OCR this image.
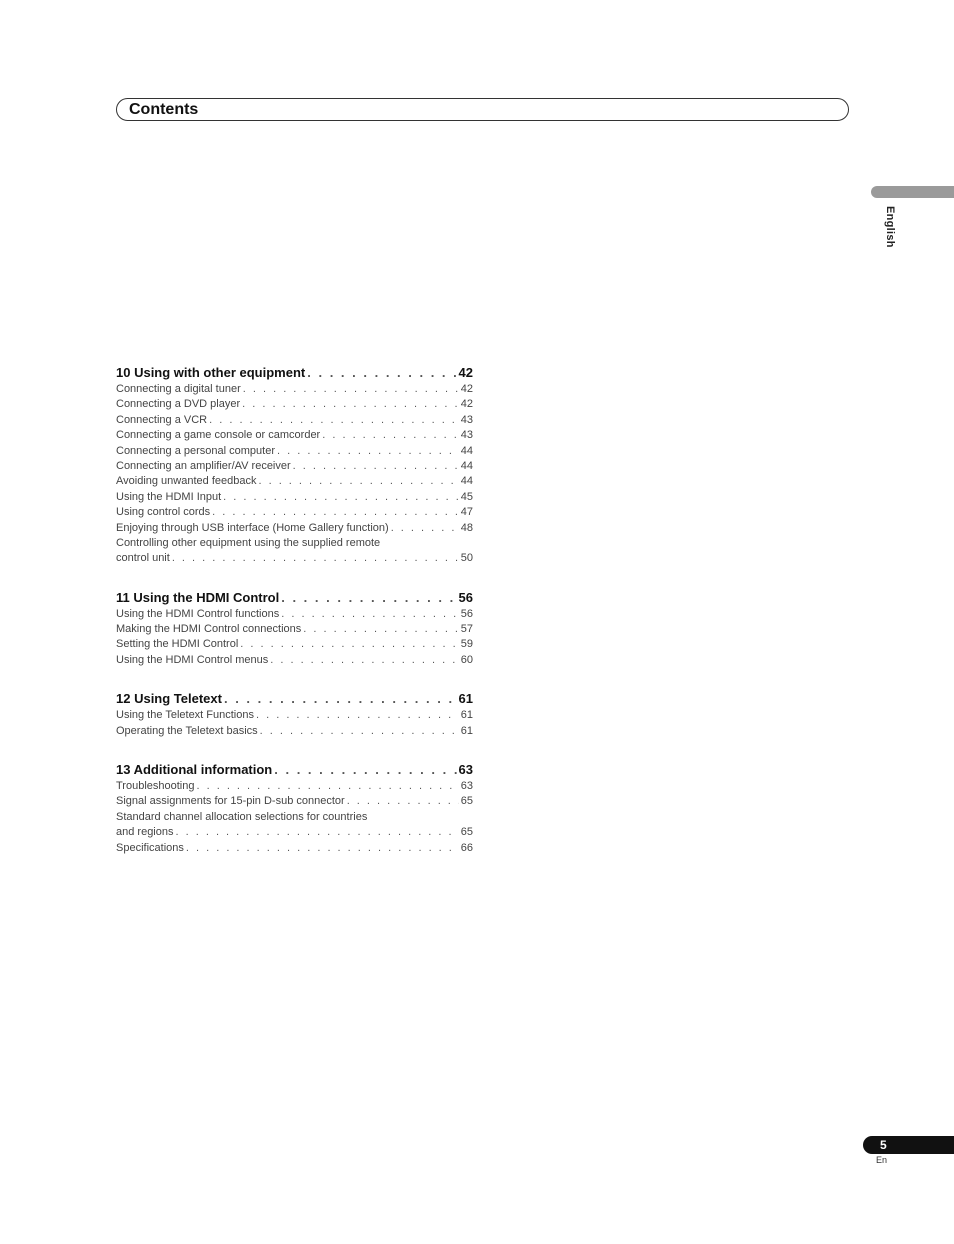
Contents
English
10 Using with other equipment . . .	42
Connecting a digital tuner . . .	42
Connecting a DVD player . . .	42
Connecting a VCR . . .	43
Connecting a game console or camcorder . . .	43
Connecting a personal computer . . .	44
Connecting an amplifier/AV receiver . . .	44
Avoiding unwanted feedback . . .	44
Using the HDMI Input . . .	45
Using control cords . . .	47
Enjoying through USB interface (Home Gallery function) . . .	48
Controlling other equipment using the supplied remote
control unit . . .	50
11 Using the HDMI Control . . .	56
Using the HDMI Control functions . . .	56
Making the HDMI Control connections . . .	57
Setting the HDMI Control . . .	59
Using the HDMI Control menus . . .	60
12 Using Teletext . . .	61
Using the Teletext Functions . . .	61
Operating the Teletext basics . . .	61
13 Additional information . . .	63
Troubleshooting . . .	63
Signal assignments for 15-pin D-sub connector . . .	65
Standard channel allocation selections for countries
and regions . . .	65
Specifications . . .	66
5
En
